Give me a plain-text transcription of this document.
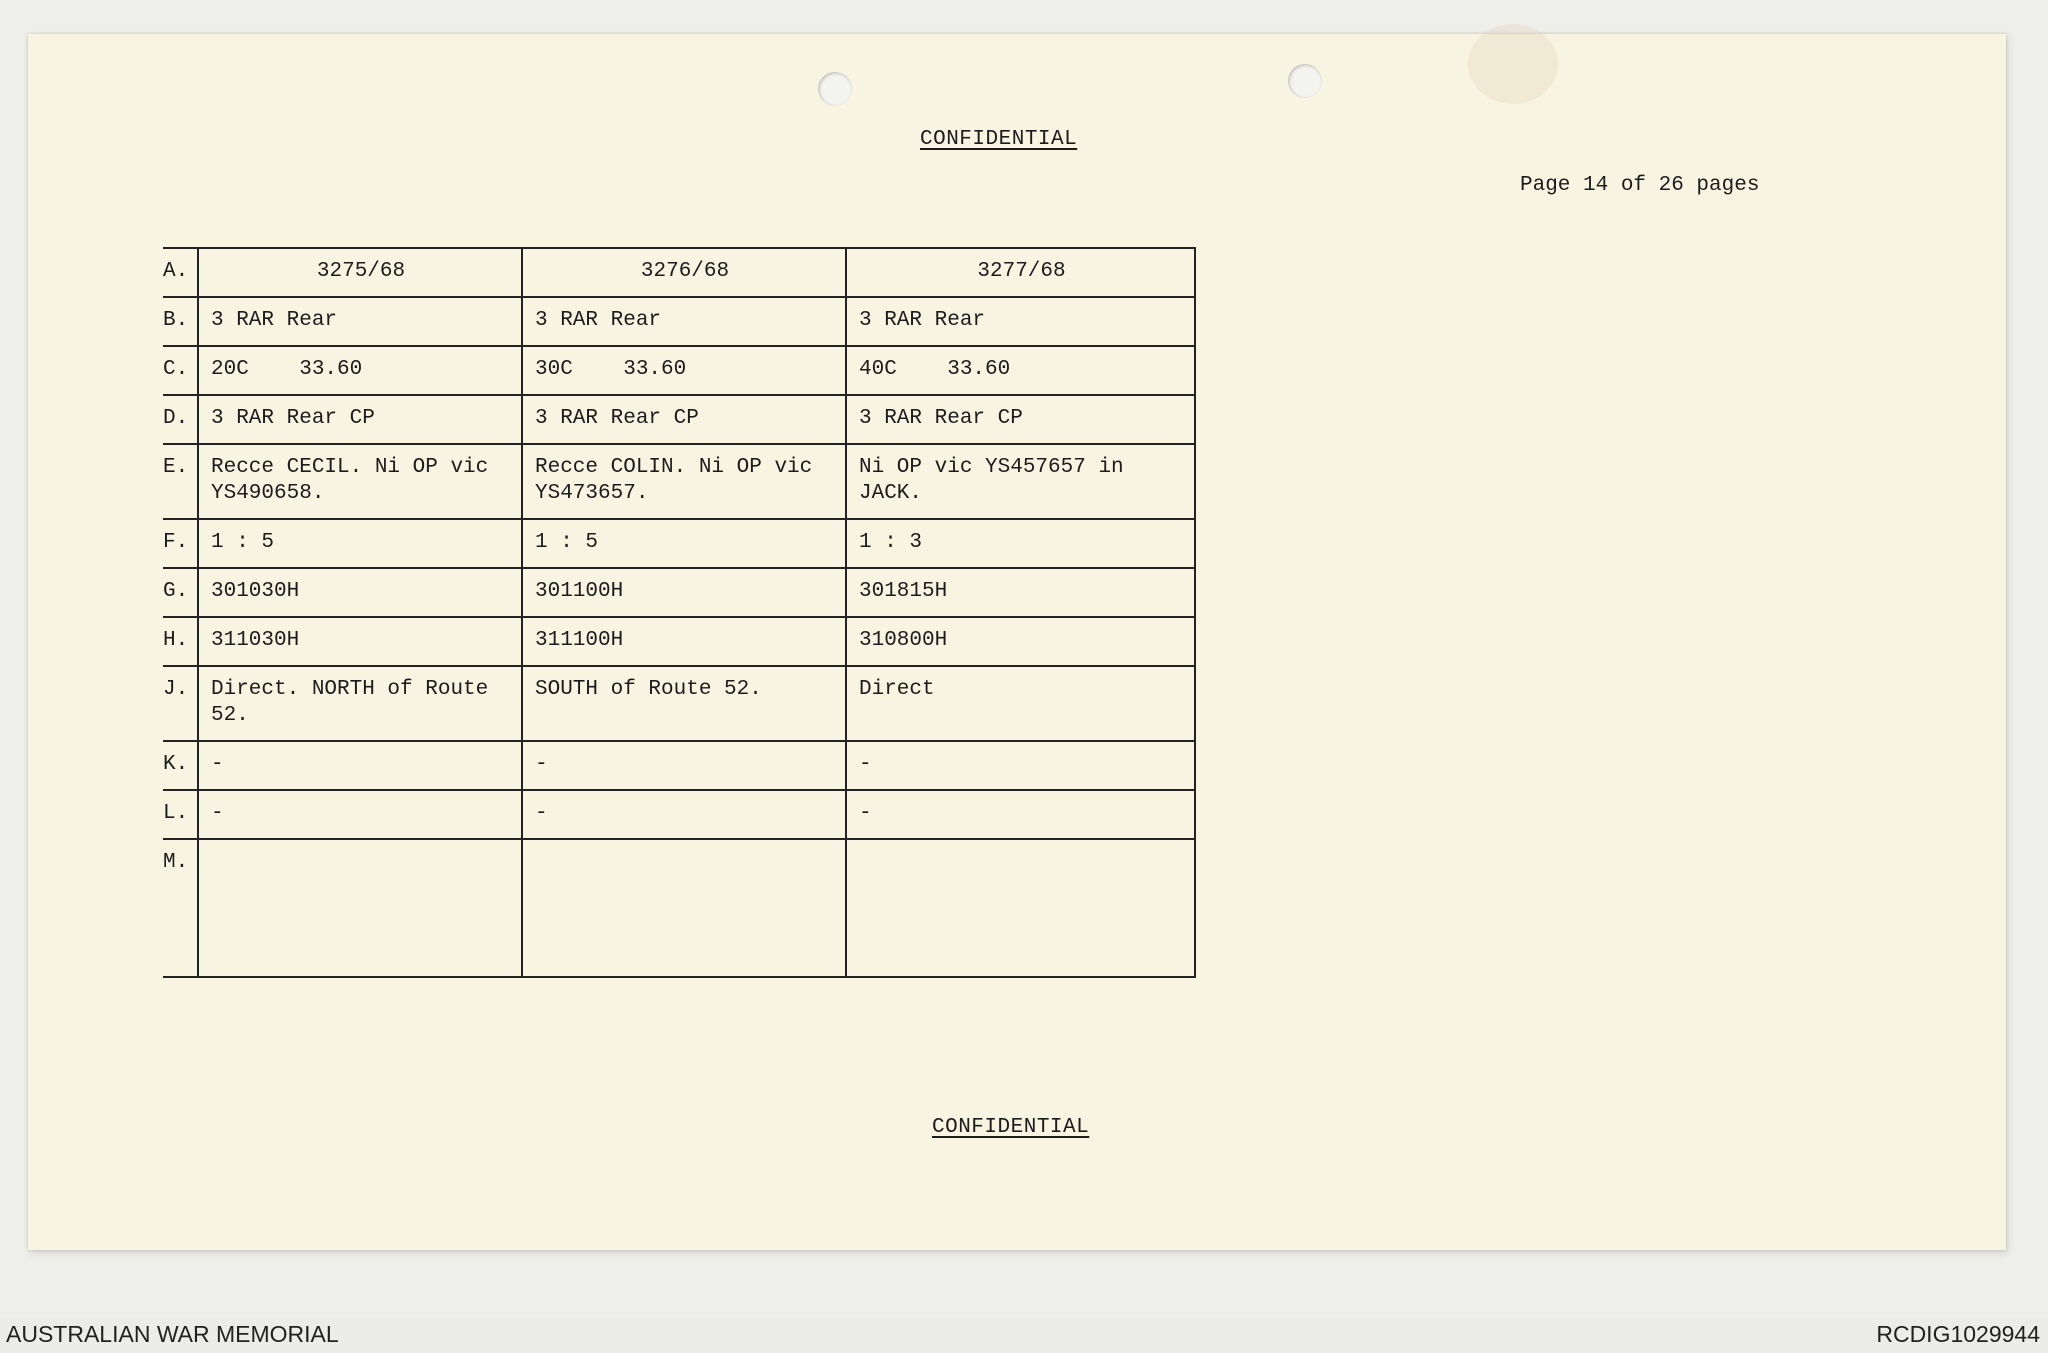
CONFIDENTIAL
Page 14 of 26 pages
A.	3275/68	3276/68	3277/68
B.	3 RAR Rear	3 RAR Rear	3 RAR Rear
C.	20C    33.60	30C    33.60	40C    33.60
D.	3 RAR Rear CP	3 RAR Rear CP	3 RAR Rear CP
E.	Recce CECIL. Ni OP vic YS490658.	Recce COLIN. Ni OP vic YS473657.	Ni OP vic YS457657 in JACK.
F.	1 : 5	1 : 5	1 : 3
G.	301030H	301100H	301815H
H.	311030H	311100H	310800H
J.	Direct. NORTH of Route 52.	SOUTH of Route 52.	Direct
K.	-	-	-
L.	-	-	-
M.			
CONFIDENTIAL
AUSTRALIAN WAR MEMORIAL	RCDIG1029944
